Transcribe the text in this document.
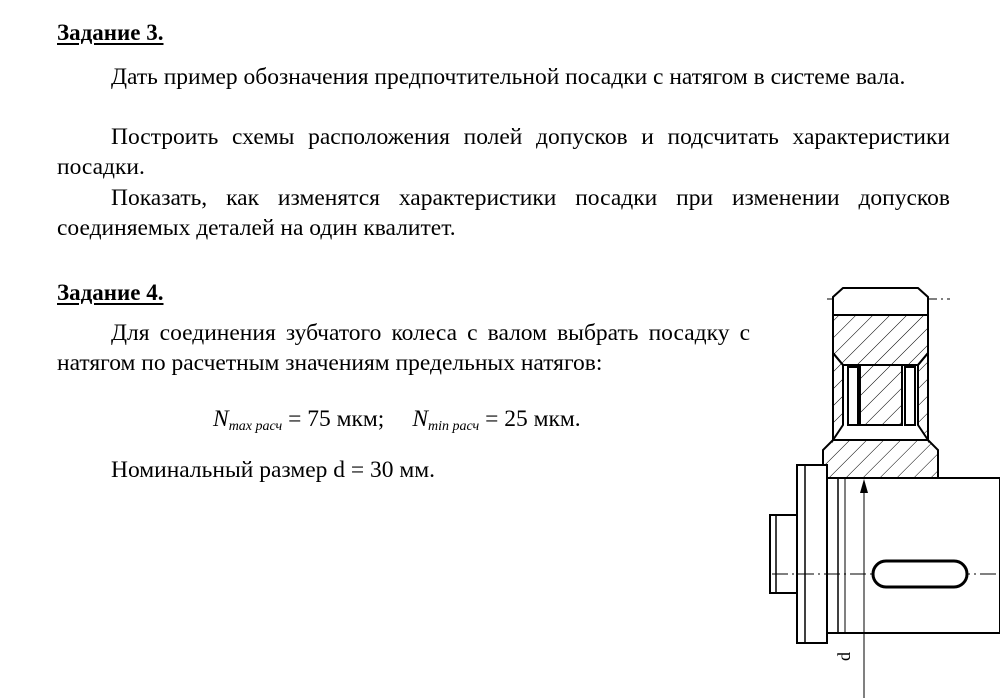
Задание 3.

Дать пример обозначения предпочтительной посадки с натягом в системе вала.

Построить схемы расположения полей допусков и подсчитать характеристики посадки.

Показать, как изменятся характеристики посадки при изменении допусков соединяемых деталей на один квалитет.

Задание 4.

Для соединения зубчатого колеса с валом выбрать посадку с натягом по расчетным значениям предельных натягов:

$N_{max расч} = 75$ мкм; $N_{min расч} = 25$ мкм.
Номинальный размер d = 30 мм.
d
